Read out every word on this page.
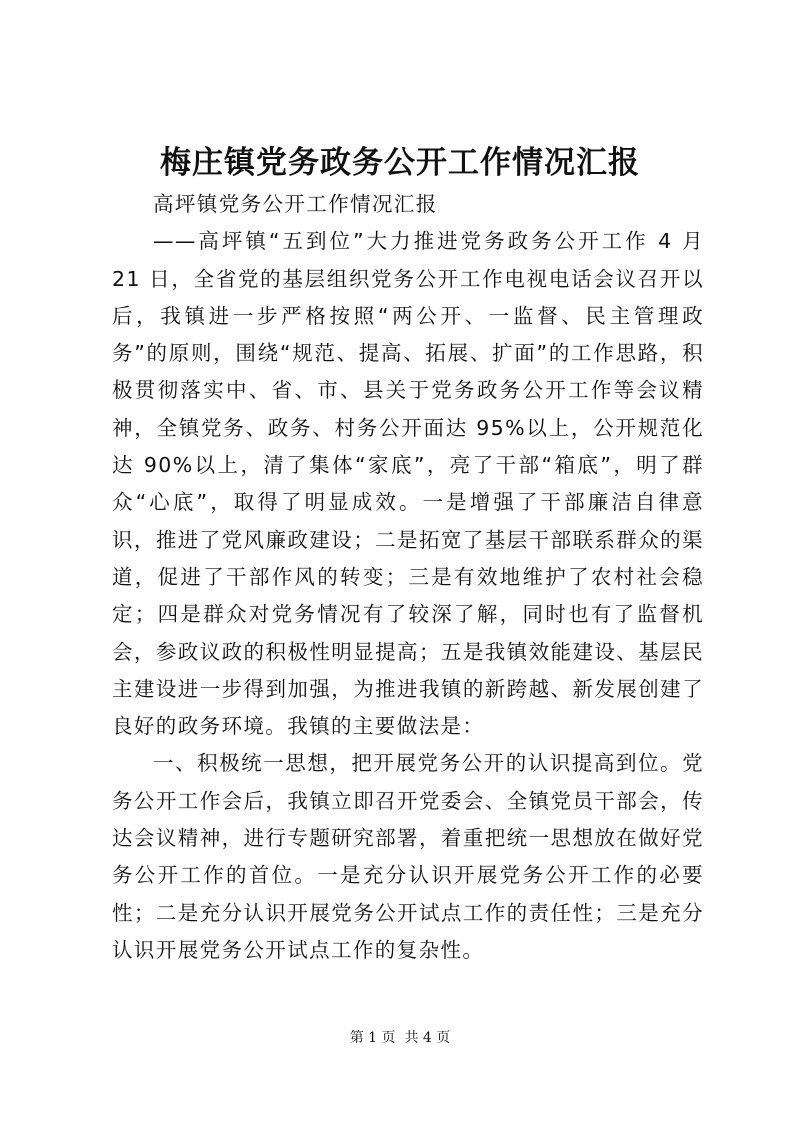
梅庄镇党务政务公开工作情况汇报

高坪镇党务公开工作情况汇报

——高坪镇“五到位”大力推进党务政务公开工作 4 月 21 日，全省党的基层组织党务公开工作电视电话会议召开以后，我镇进一步严格按照“两公开、一监督、民主管理政务”的原则，围绕“规范、提高、拓展、扩面”的工作思路，积极贯彻落实中、省、市、县关于党务政务公开工作等会议精神，全镇党务、政务、村务公开面达 95%以上，公开规范化达 90%以上，清了集体“家底”，亮了干部“箱底”，明了群众“心底”，取得了明显成效。一是增强了干部廉洁自律意识，推进了党风廉政建设；二是拓宽了基层干部联系群众的渠道，促进了干部作风的转变；三是有效地维护了农村社会稳定；四是群众对党务情况有了较深了解，同时也有了监督机会，参政议政的积极性明显提高；五是我镇效能建设、基层民主建设进一步得到加强，为推进我镇的新跨越、新发展创建了良好的政务环境。我镇的主要做法是：

一、积极统一思想，把开展党务公开的认识提高到位。党务公开工作会后，我镇立即召开党委会、全镇党员干部会，传达会议精神，进行专题研究部署，着重把统一思想放在做好党务公开工作的首位。一是充分认识开展党务公开工作的必要性；二是充分认识开展党务公开试点工作的责任性；三是充分认识开展党务公开试点工作的复杂性。

第 1 页  共 4 页
